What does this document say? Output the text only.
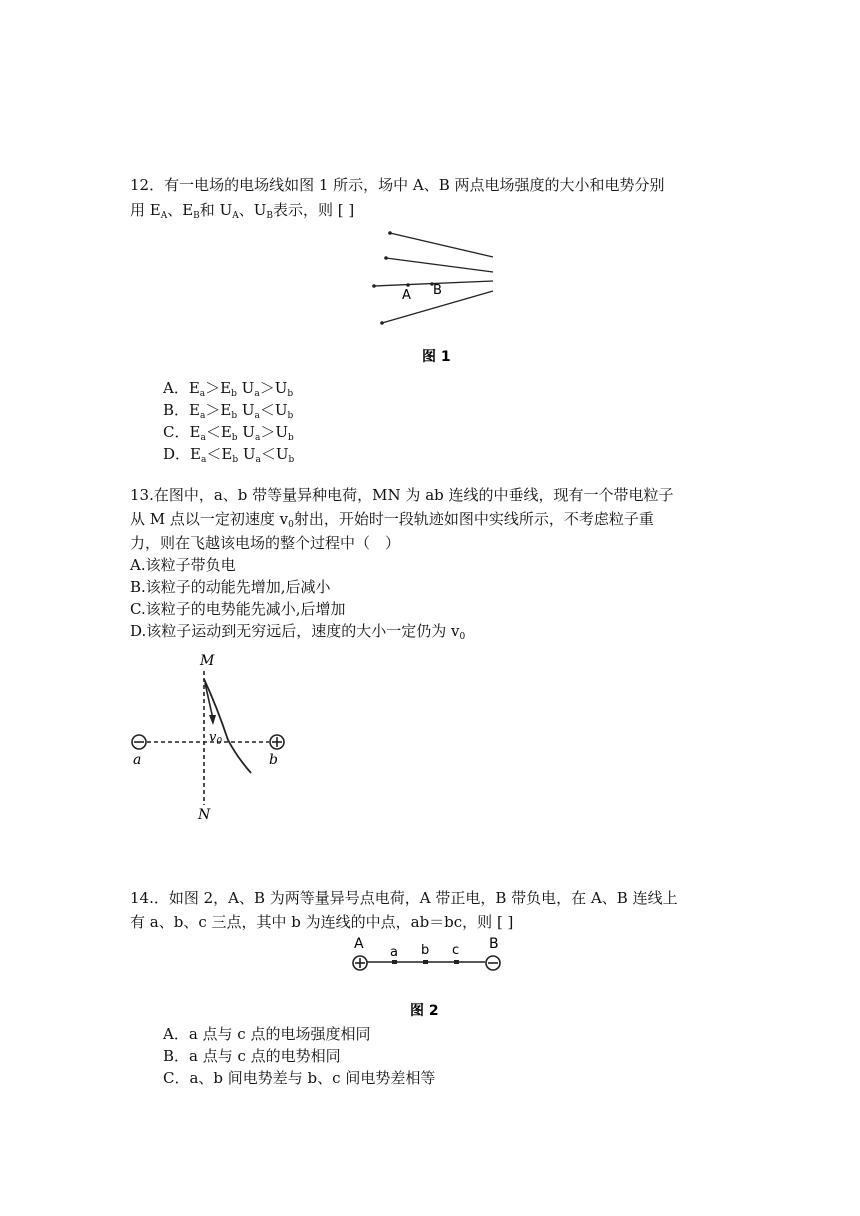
12．有一电场的电场线如图 1 所示，场中 A、B 两点电场强度的大小和电势分别
用 $E_A$、$E_B$和 $U_A$、$U_B$表示，则 [ ]
A B
图 1
A．$E_a>E_b$ $U_a>U_b$
B．$E_a>E_b$ $U_a<U_b$
C．$E_a<E_b$ $U_a>U_b$
D．$E_a<E_b$ $U_a<U_b$
13.在图中，a、b 带等量异种电荷，MN 为 ab 连线的中垂线，现有一个带电粒子
从 M 点以一定初速度 $v_0$射出，开始时一段轨迹如图中实线所示，不考虑粒子重
力，则在飞越该电场的整个过程中（　）
A.该粒子带负电
B.该粒子的动能先增加,后减小
C.该粒子的电势能先减小,后增加
D.该粒子运动到无穷远后，速度的大小一定仍为 $v_0$
M
N
a	b
$v_0$
14.．如图 2，A、B 为两等量异号点电荷，A 带正电，B 带负电，在 A、B 连线上
有 a、b、c 三点，其中 b 为连线的中点，ab＝bc，则 [ ]
A	B
a b c
图 2
A．a 点与 c 点的电场强度相同
B．a 点与 c 点的电势相同
C．a、b 间电势差与 b、c 间电势差相等
